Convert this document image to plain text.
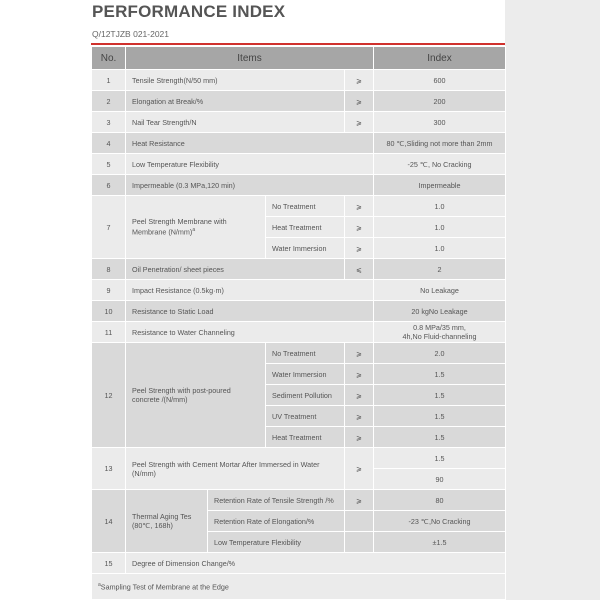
PERFORMANCE INDEX
Q/12TJZB 021-2021
No.	Items				Index
1	Tensile Strength(N/50 mm)			⩾	600
2	Elongation at Break/%			⩾	200
3	Nail Tear Strength/N			⩾	300
4	Heat Resistance				80 ℃,Sliding not more than 2mm
5	Low Temperature Flexibility				-25 ℃, No Cracking
6	Impermeable (0.3 MPa,120 min)				Impermeable
7	Peel Strength Membrane with Membrane $(N/mm)^a$		No Treatment	⩾	1.0
			Heat Treatment	⩾	1.0
			Water Immersion	⩾	1.0
8	Oil Penetration/ sheet pieces			⩽	2
9	Impact Resistance (0.5kg·m)				No Leakage
10	Resistance to Static Load				20 kgNo Leakage
11	Resistance to Water Channeling				0.8 MPa/35 mm,
4h,No Fluid-channeling

12	Peel Strength with post-poured concrete /(N/mm)		No Treatment	⩾	2.0
			Water Immersion	⩾	1.5
			Sediment Pollution	⩾	1.5
			UV Treatment	⩾	1.5
			Heat Treatment	⩾	1.5
13	Peel Strength with Cement Mortar After Immersed in Water (N/mm)			⩾	1.5
					90
14	Thermal Aging Tes (80℃, 168h)	Retention Rate of Tensile Strength /%		⩾	80
		Retention Rate of Elongation/%			-23 ℃,No Cracking
		Low Temperature Flexibility			±1.5
15	Degree of Dimension Change/%				
$^a$Sampling Test of Membrane at the Edge					
